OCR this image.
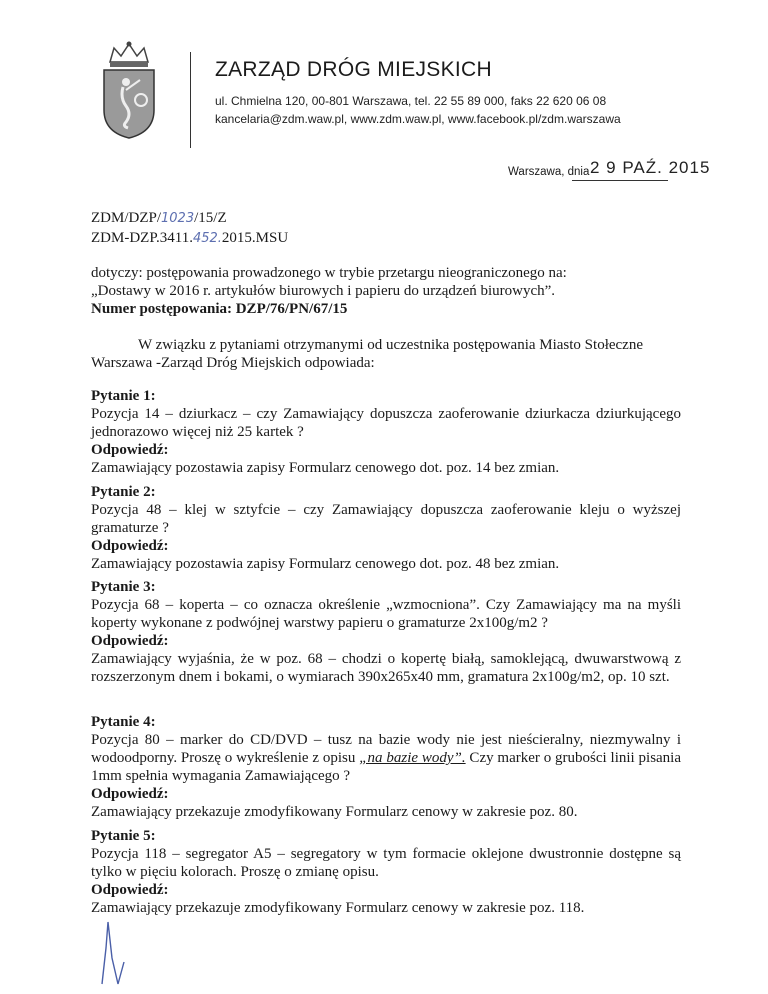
ZARZĄD DRÓG MIEJSKICH
ul. Chmielna 120, 00-801 Warszawa, tel. 22 55 89 000, faks 22 620 06 08
kancelaria@zdm.waw.pl, www.zdm.waw.pl, www.facebook.pl/zdm.warszawa
Warszawa, dnia 2 9 PAŹ. 2015
ZDM/DZP/1023/15/Z
ZDM-DZP.3411.452.2015.MSU

dotyczy: postępowania prowadzonego w trybie przetargu nieograniczonego na:

„Dostawy w 2016 r. artykułów biurowych i papieru do urządzeń biurowych”.

Numer postępowania: DZP/76/PN/67/15

W związku z pytaniami otrzymanymi od uczestnika postępowania Miasto Stołeczne Warszawa -Zarząd Dróg Miejskich odpowiada:

Pytanie 1:

Pozycja 14 – dziurkacz – czy Zamawiający dopuszcza zaoferowanie dziurkacza dziurkującego jednorazowo więcej niż 25 kartek ?

Odpowiedź:

Zamawiający pozostawia zapisy Formularz cenowego dot. poz. 14 bez zmian.

Pytanie 2:

Pozycja 48 – klej w sztyfcie – czy Zamawiający dopuszcza zaoferowanie kleju o wyższej gramaturze ?

Odpowiedź:

Zamawiający pozostawia zapisy Formularz cenowego dot. poz. 48 bez zmian.

Pytanie 3:

Pozycja 68 – koperta – co oznacza określenie „wzmocniona”. Czy Zamawiający ma na myśli koperty wykonane z podwójnej warstwy papieru o gramaturze 2x100g/m2 ?

Odpowiedź:

Zamawiający wyjaśnia, że w poz. 68 – chodzi o kopertę białą, samoklejącą, dwuwarstwową z rozszerzonym dnem i bokami, o wymiarach 390x265x40 mm, gramatura 2x100g/m2, op. 10 szt.

Pytanie 4:

Pozycja 80 – marker do CD/DVD – tusz na bazie wody nie jest nieścieralny, niezmywalny i wodoodporny. Proszę o wykreślenie z opisu „na bazie wody”. Czy marker o grubości linii pisania 1mm spełnia wymagania Zamawiającego ?

Odpowiedź:

Zamawiający przekazuje zmodyfikowany Formularz cenowy w zakresie poz. 80.

Pytanie 5:

Pozycja 118 – segregator A5 – segregatory w tym formacie oklejone dwustronnie dostępne są tylko w pięciu kolorach. Proszę o zmianę opisu.

Odpowiedź:

Zamawiający przekazuje zmodyfikowany Formularz cenowy w zakresie poz. 118.
